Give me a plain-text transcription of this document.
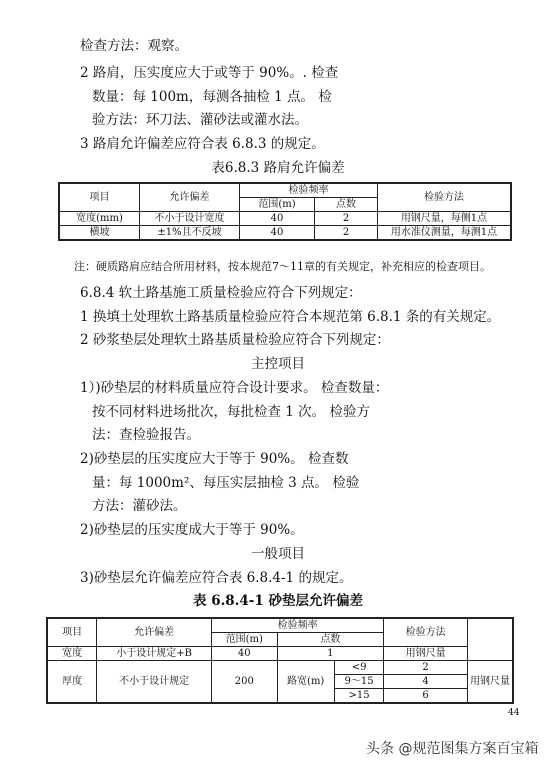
检查方法：观察。
2 路肩，压实度应大于或等于 90%。. 检查
数量：每 100m，每测各抽检 1 点。 检
验方法：环刀法、灌砂法或灌水法。
3 路肩允许偏差应符合表 6.8.3 的规定。
表6.8.3 路肩允许偏差
项目	允许偏差	检验频率		检验方法
		范围(m)	点数	
宽度(mm)	不小于设计宽度	40	2	用钢尺量，每侧1点
横坡	±1%且不反坡	40	2	用水准仪测量，每测1点
注：硬质路肩应结合所用材料，按本规范7～11章的有关规定，补充相应的检查项目。
6.8.4 软土路基施工质量检验应符合下列规定：
1 换填土处理软土路基质量检验应符合本规范第 6.8.1 条的有关规定。
2 砂浆垫层处理软土路基质量检验应符合下列规定：
主控项目
1）)砂垫层的材料质量应符合设计要求。 检查数量：
按不同材料进场批次，每批检查 1 次。 检验方
法：查检验报告。
2)砂垫层的压实度应大于等于 90%。 检查数
量：每 1000m²、每压实层抽检 3 点。 检验
方法：灌砂法。
2)砂垫层的压实度成大于等于 90%。
一般项目
3)砂垫层允许偏差应符合表 6.8.4-1 的规定。
表 6.8.4-1 砂垫层允许偏差
项目	允许偏差	检验频率			检验方法	
		范围(m)	点数			
宽度	小于设计规定+B	40	1		用钢尺量	
厚度	不小于设计规定	200	路宽(m)	<9	2	用钢尺量
				9～15	4	
				>15	6	
44
头条 @规范图集方案百宝箱
